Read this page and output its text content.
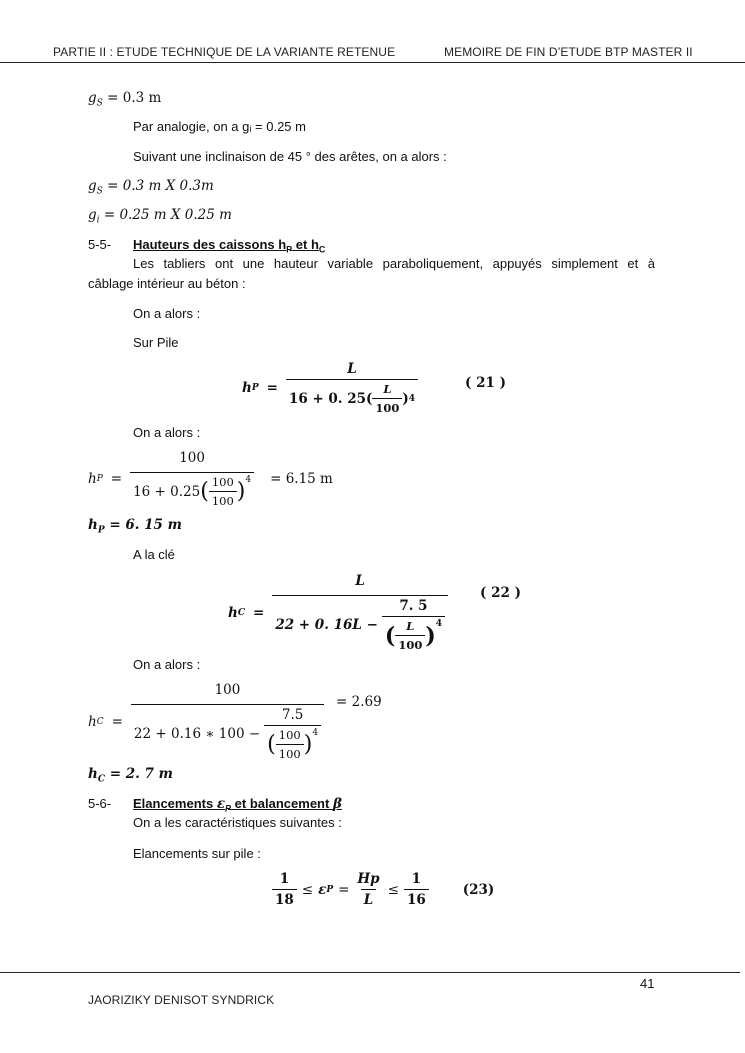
PARTIE II : ETUDE TECHNIQUE DE LA VARIANTE RETENUE	MEMOIRE DE FIN D’ETUDE BTP MASTER II
$g_S = 0.3$ m
Par analogie, on a gᵢ = 0.25 m
Suivant une inclinaison de 45 ° des arêtes, on a alors :
$g_S = 0.3$ m X 0.3m
$g_i = 0.25$ m X 0.25 m
5-5- Hauteurs des caissons $h_P$ et $h_C$
Les tabliers ont une hauteur variable paraboliquement, appuyés simplement et à
câblage intérieur au béton :
On a alors :
Sur Pile
h $P = \frac{L}{16 + 0. 25( \frac{L}{100} ) 4}$	( 21 )
On a alors :
h $P = \frac{100}{16 + 0.25 ( \frac{100}{100} ) 4} = 6.15$ m
$h_P = 6$. 15 m
A la clé
h C =
L
22 + 0. $16L - \frac{7. 5}{( \frac{L}{100} ) 4}$
( 22 )
On a alors :
h C =
100
22 + 0.16 ∗ $100 - \frac{7.5}{( \frac{100}{100} ) 4}$
= 2.69
$h_C = 2$. 7 m
5-6- Elancements $\varepsilon_P$ et balancement β
On a les caractéristiques suivantes :
Elancements sur pile :
$\frac{1}{18} \le \varepsilon$ $P = \frac{Hp}{L} \le \frac{1}{16}$	(23)
41
JAORIZIKY DENISOT SYNDRICK
